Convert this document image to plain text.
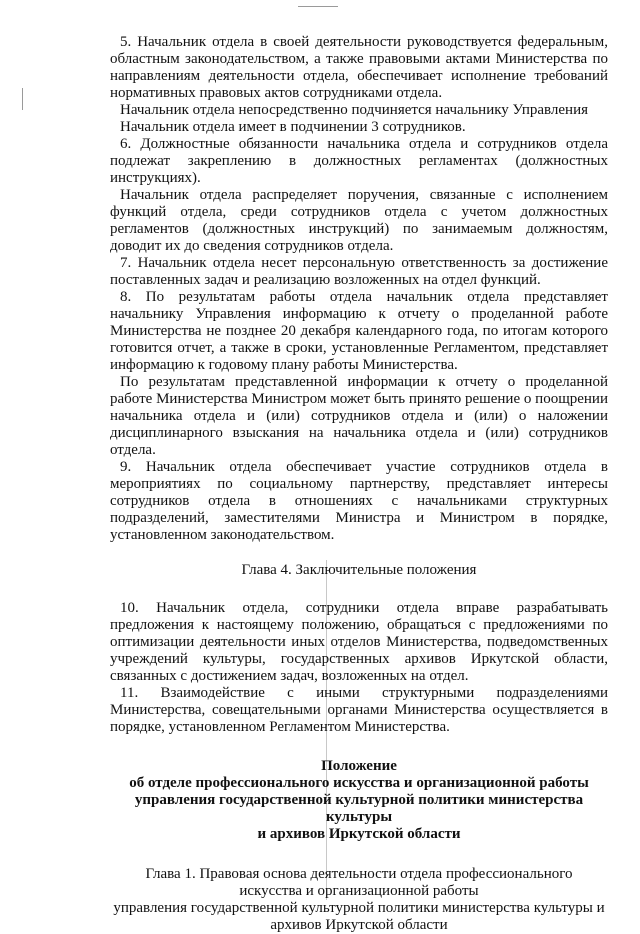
5. Начальник отдела в своей деятельности руководствуется федеральным, областным законодательством, а также правовыми актами Министерства по направлениям деятельности отдела, обеспечивает исполнение требований нормативных правовых актов сотрудниками отдела.

Начальник отдела непосредственно подчиняется начальнику Управления

Начальник отдела имеет в подчинении 3 сотрудников.

6. Должностные обязанности начальника отдела и сотрудников отдела подлежат закреплению в должностных регламентах (должностных инструкциях).

Начальник отдела распределяет поручения, связанные с исполнением функций отдела, среди сотрудников отдела с учетом должностных регламентов (должностных инструкций) по занимаемым должностям, доводит их до сведения сотрудников отдела.

7. Начальник отдела несет персональную ответственность за достижение поставленных задач и реализацию возложенных на отдел функций.

8. По результатам работы отдела начальник отдела представляет начальнику Управления информацию к отчету о проделанной работе Министерства не позднее 20 декабря календарного года, по итогам которого готовится отчет, а также в сроки, установленные Регламентом, представляет информацию к годовому плану работы Министерства.

По результатам представленной информации к отчету о проделанной работе Министерства Министром может быть принято решение о поощрении начальника отдела и (или) сотрудников отдела и (или) о наложении дисциплинарного взыскания на начальника отдела и (или) сотрудников отдела.

9. Начальник отдела обеспечивает участие сотрудников отдела в мероприятиях по социальному партнерству, представляет интересы сотрудников отдела в отношениях с начальниками структурных подразделений, заместителями Министра и Министром в порядке, установленном законодательством.

Глава 4. Заключительные положения

10. Начальник отдела, сотрудники отдела вправе разрабатывать предложения к настоящему положению, обращаться с предложениями по оптимизации деятельности иных отделов Министерства, подведомственных учреждений культуры, государственных архивов Иркутской области, связанных с достижением задач, возложенных на отдел.

11. Взаимодействие с иными структурными подразделениями Министерства, совещательными органами Министерства осуществляется в порядке, установленном Регламентом Министерства.

Положение
об отделе профессионального искусства и организационной работы
управления государственной культурной политики министерства культуры
и архивов Иркутской области
Глава 1. Правовая основа деятельности отдела профессионального
искусства и организационной работы
управления государственной культурной политики министерства культуры и
архивов Иркутской области
